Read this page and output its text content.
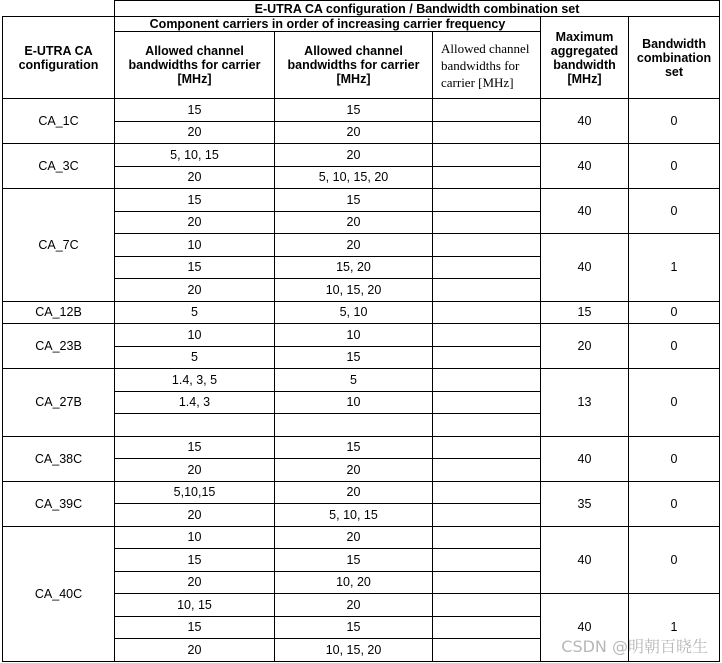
	E-UTRA CA configuration / Bandwidth combination set				
E-UTRA CA configuration	Component carriers in order of increasing carrier frequency			Maximum aggregated bandwidth [MHz]	Bandwidth combination set
	Allowed channel bandwidths for carrier [MHz]	Allowed channel bandwidths for carrier [MHz]	Allowed channel bandwidths for carrier [MHz]		
CA_1C	15	15		40	0
	20	20			
CA_3C	5, 10, 15	20		40	0
	20	5, 10, 15, 20			
CA_7C	15	15		40	0
	20	20			
	10	20		40	1
	15	15, 20			
	20	10, 15, 20			
CA_12B	5	5, 10		15	0
CA_23B	10	10		20	0
	5	15			
CA_27B	1.4, 3, 5	5		13	0
	1.4, 3	10			

CA_38C	15	15		40	0
	20	20			
CA_39C	5,10,15	20		35	0
	20	5, 10, 15			
CA_40C	10	20		40	0
	15	15			
	20	10, 20			
	10, 15	20		40	1
	15	15			
	20	10, 15, 20				CSDN @明朝百晓生
